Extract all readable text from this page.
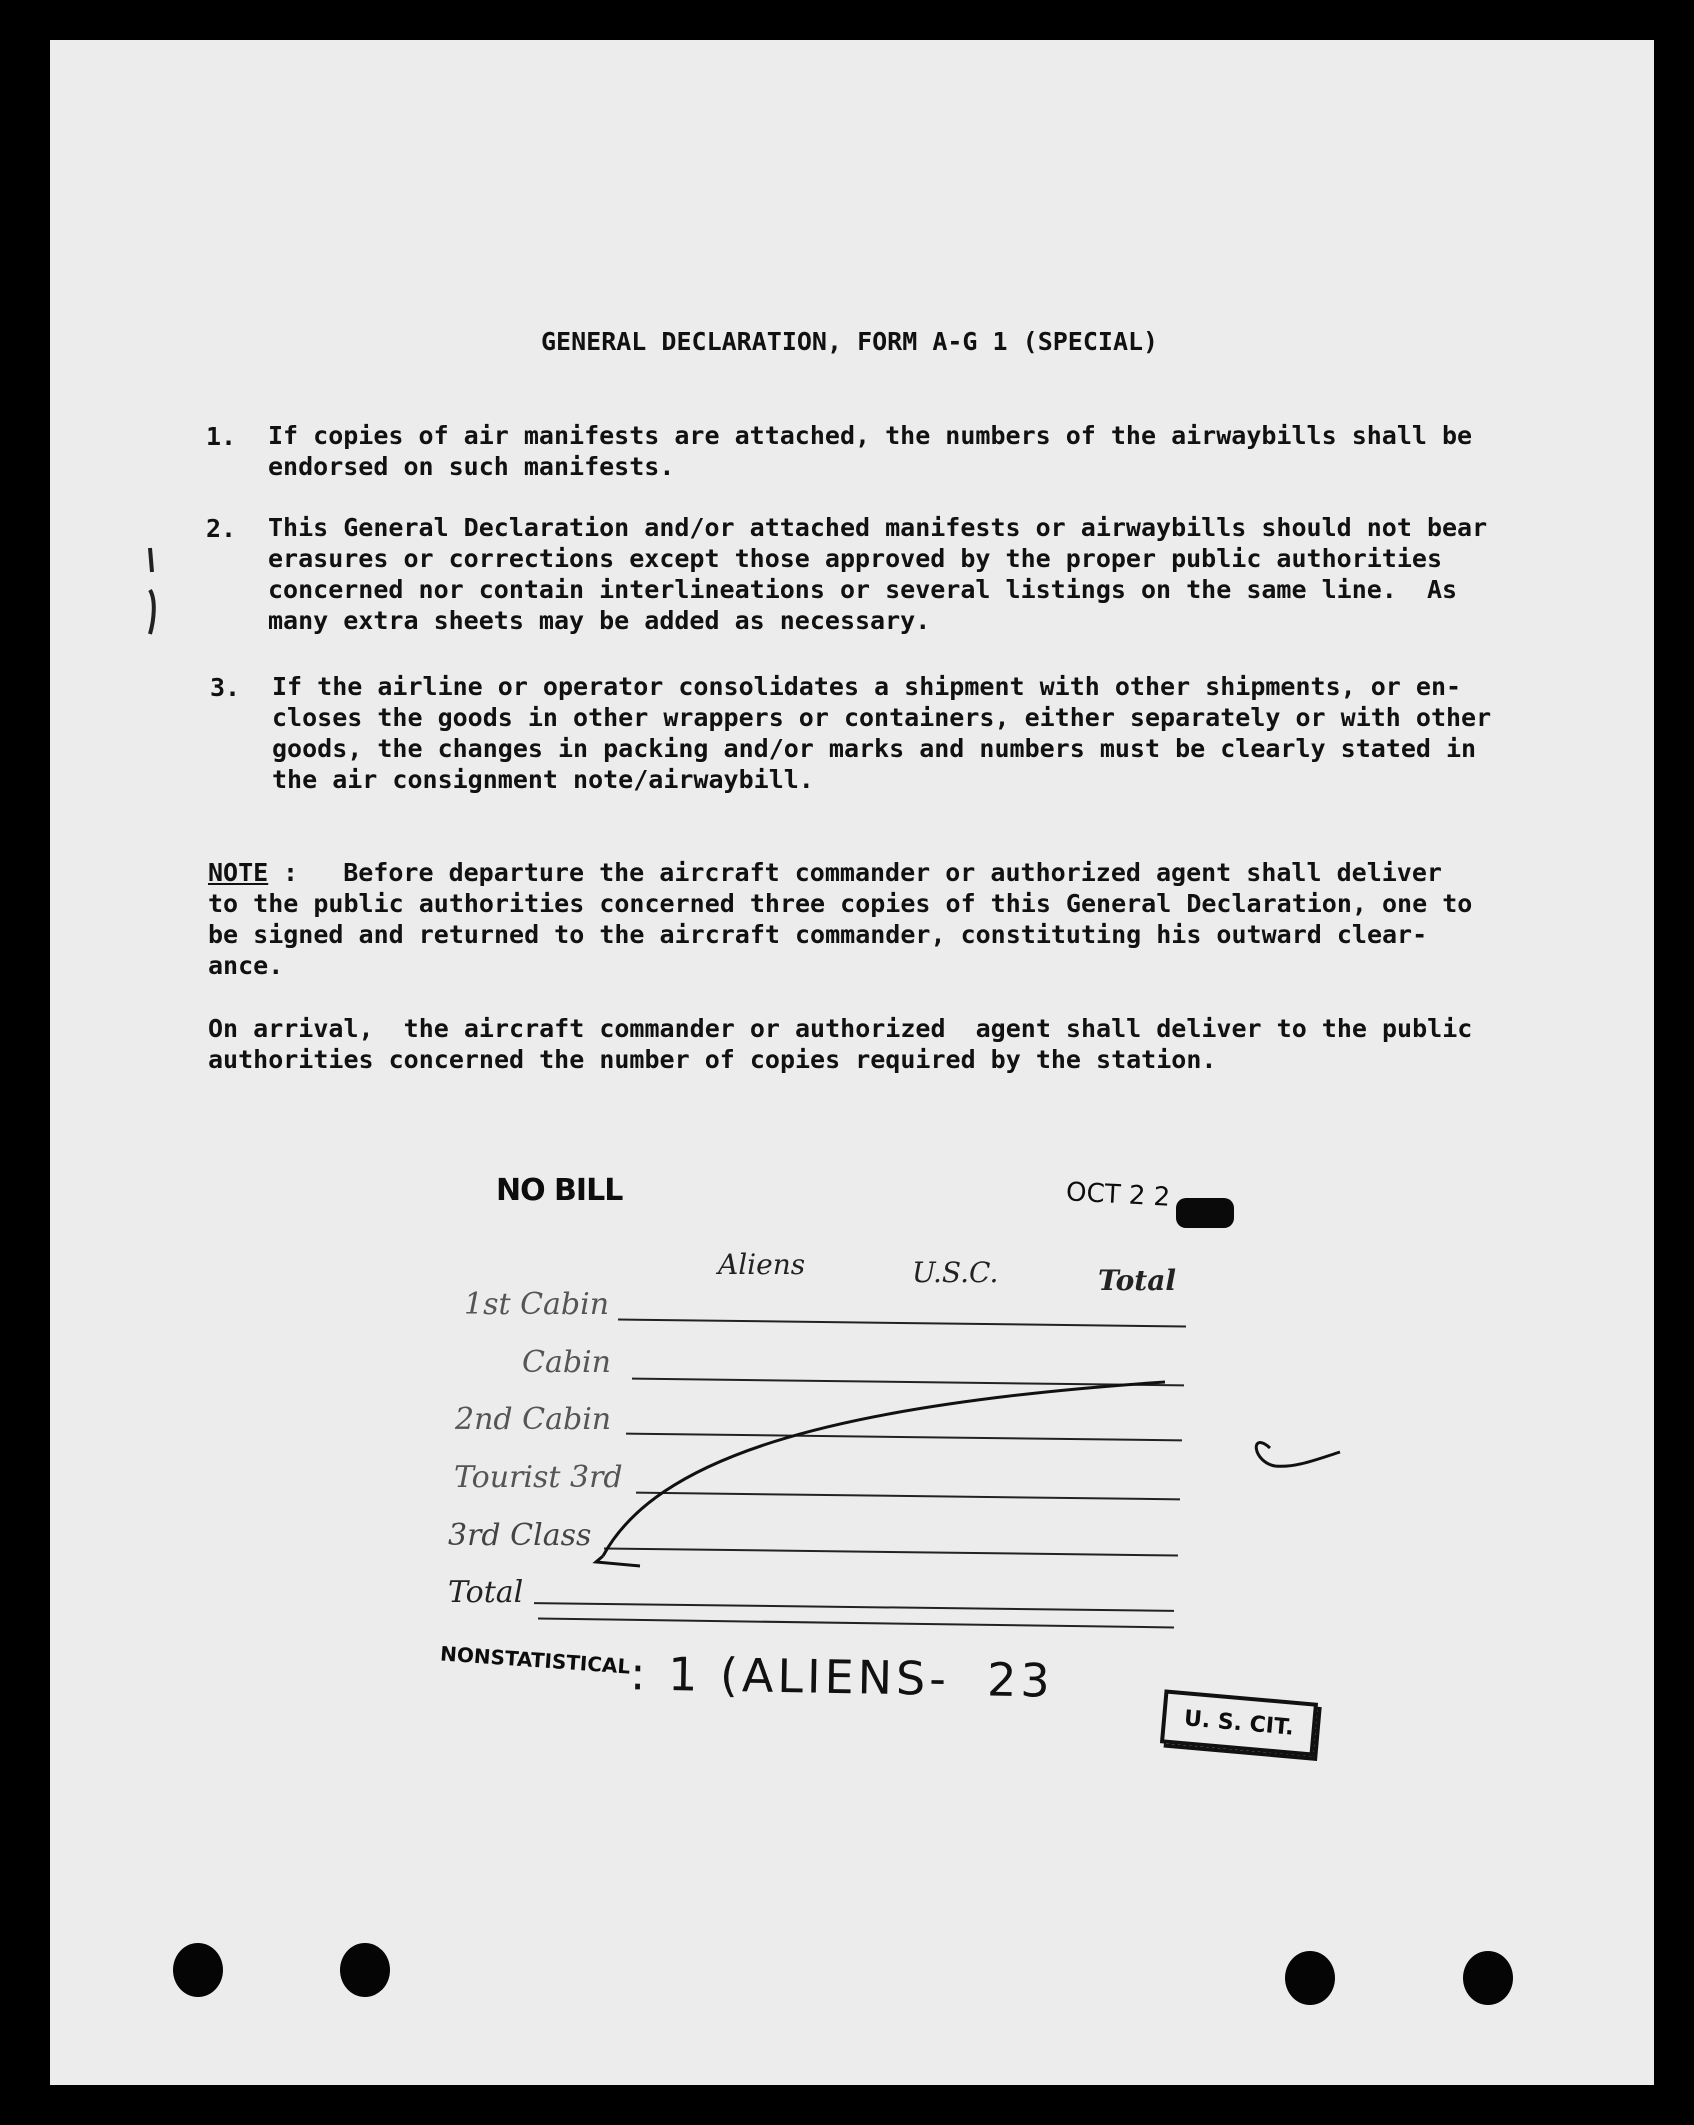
GENERAL DECLARATION, FORM A-G 1 (SPECIAL)
1. If copies of air manifests are attached, the numbers of the airwaybills shall be
endorsed on such manifests.
2. This General Declaration and/or attached manifests or airwaybills should not bear
erasures or corrections except those approved by the proper public authorities
concerned nor contain interlineations or several listings on the same line.  As
many extra sheets may be added as necessary.
3. If the airline or operator consolidates a shipment with other shipments, or en-
closes the goods in other wrappers or containers, either separately or with other
goods, the changes in packing and/or marks and numbers must be clearly stated in
the air consignment note/airwaybill.
NOTE :   Before departure the aircraft commander or authorized agent shall deliver
to the public authorities concerned three copies of this General Declaration, one to
be signed and returned to the aircraft commander, constituting his outward clear-
ance.
On arrival,  the aircraft commander or authorized  agent shall deliver to the public
authorities concerned the number of copies required by the station.
NO BILL	OCT 2 2
Aliens	U.S.C.	Total
1st Cabin
Cabin
2nd Cabin
Tourist 3rd
3rd Class
Total
NONSTATISTICAL
: 1 (ALIENS-  23
U. S. CIT.
